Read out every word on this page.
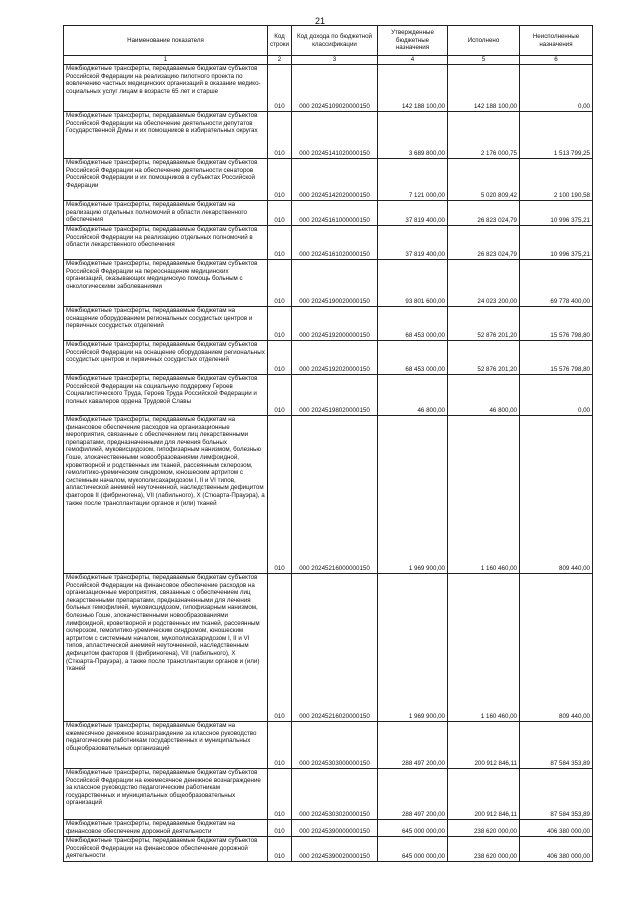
21
Наименование показателя	Код строки	Код дохода по бюджетной классификации	Утвержденные бюджетные назначения	Исполнено	Неисполненные назначения
1	2	3	4	5	6
Межбюджетные трансферты, передаваемые бюджетам субъектов Российской Федерации на реализацию пилотного проекта по вовлечению частных медицинских организаций в оказание медико-социальных услуг лицам в возрасте 65 лет и старше	010	000 20245109020000150	142 188 100,00	142 188 100,00	0,00
Межбюджетные трансферты, передаваемые бюджетам субъектов Российской Федерации на обеспечение деятельности депутатов Государственной Думы и их помощников в избирательных округах	010	000 20245141020000150	3 689 800,00	2 176 000,75	1 513 799,25
Межбюджетные трансферты, передаваемые бюджетам субъектов Российской Федерации на обеспечение деятельности сенаторов Российской Федерации и их помощников в субъектах Российской Федерации	010	000 20245142020000150	7 121 000,00	5 020 809,42	2 100 190,58
Межбюджетные трансферты, передаваемые бюджетам на реализацию отдельных полномочий в области лекарственного обеспечения	010	000 20245161000000150	37 819 400,00	26 823 024,79	10 996 375,21
Межбюджетные трансферты, передаваемые бюджетам субъектов Российской Федерации на реализацию отдельных полномочий в области лекарственного обеспечения	010	000 20245161020000150	37 819 400,00	26 823 024,79	10 996 375,21
Межбюджетные трансферты, передаваемые бюджетам субъектов Российской Федерации на переоснащение медицинских организаций, оказывающих медицинскую помощь больным с онкологическими заболеваниями	010	000 20245190020000150	93 801 600,00	24 023 200,00	69 778 400,00
Межбюджетные трансферты, передаваемые бюджетам на оснащение оборудованием региональных сосудистых центров и первичных сосудистых отделений	010	000 20245192000000150	68 453 000,00	52 876 201,20	15 576 798,80
Межбюджетные трансферты, передаваемые бюджетам субъектов Российской Федерации на оснащение оборудованием региональных сосудистых центров и первичных сосудистых отделений	010	000 20245192020000150	68 453 000,00	52 876 201,20	15 576 798,80
Межбюджетные трансферты, передаваемые бюджетам субъектов Российской Федерации на социальную поддержку Героев Социалистического Труда, Героев Труда Российской Федерации и полных кавалеров ордена Трудовой Славы	010	000 20245198020000150	46 800,00	46 800,00	0,00
Межбюджетные трансферты, передаваемые бюджетам на финансовое обеспечение расходов на организационные мероприятия, связанные с обеспечением лиц лекарственными препаратами, предназначенными для лечения больных гемофилией, муковисцидозом, гипофизарным нанизмом, болезнью Гоше, злокачественными новообразованиями лимфоидной, кроветворной и родственных им тканей, рассеянным склерозом, гемолитико-уремическим синдромом, юношеским артритом с системным началом, мукополисахаридозом I, II и VI типов, апластической анемией неуточненной, наследственным дефицитом факторов II (фибриногена), VII (лабильного), X (Стюарта-Прауэра), а также после трансплантации органов и (или) тканей	010	000 20245216000000150	1 969 900,00	1 160 460,00	809 440,00
Межбюджетные трансферты, передаваемые бюджетам субъектов Российской Федерации на финансовое обеспечение расходов на организационные мероприятия, связанные с обеспечением лиц лекарственными препаратами, предназначенными для лечения больных гемофилией, муковисцидозом, гипофизарным нанизмом, болезнью Гоше, злокачественными новообразованиями лимфоидной, кроветворной и родственных им тканей, рассеянным склерозом, гемолитико-уремическим синдромом, юношеским артритом с системным началом, мукополисахаридозом I, II и VI типов, апластической анемией неуточненной, наследственным дефицитом факторов II (фибриногена), VII (лабильного), X (Стюарта-Прауэра), а также после трансплантации органов и (или) тканей	010	000 20245216020000150	1 969 900,00	1 160 460,00	809 440,00
Межбюджетные трансферты, передаваемые бюджетам на ежемесячное денежное вознаграждение за классное руководство педагогическим работникам государственных и муниципальных общеобразовательных организаций	010	000 20245303000000150	288 497 200,00	200 912 846,11	87 584 353,89
Межбюджетные трансферты, передаваемые бюджетам субъектов Российской Федерации на ежемесячное денежное вознаграждение за классное руководство педагогическим работникам государственных и муниципальных общеобразовательных организаций	010	000 20245303020000150	288 497 200,00	200 912 846,11	87 584 353,89
Межбюджетные трансферты, передаваемые бюджетам на финансовое обеспечение дорожной деятельности	010	000 20245390000000150	645 000 000,00	238 620 000,00	406 380 000,00
Межбюджетные трансферты, передаваемые бюджетам субъектов Российской Федерации на финансовое обеспечение дорожной деятельности	010	000 20245390020000150	645 000 000,00	238 620 000,00	406 380 000,00
